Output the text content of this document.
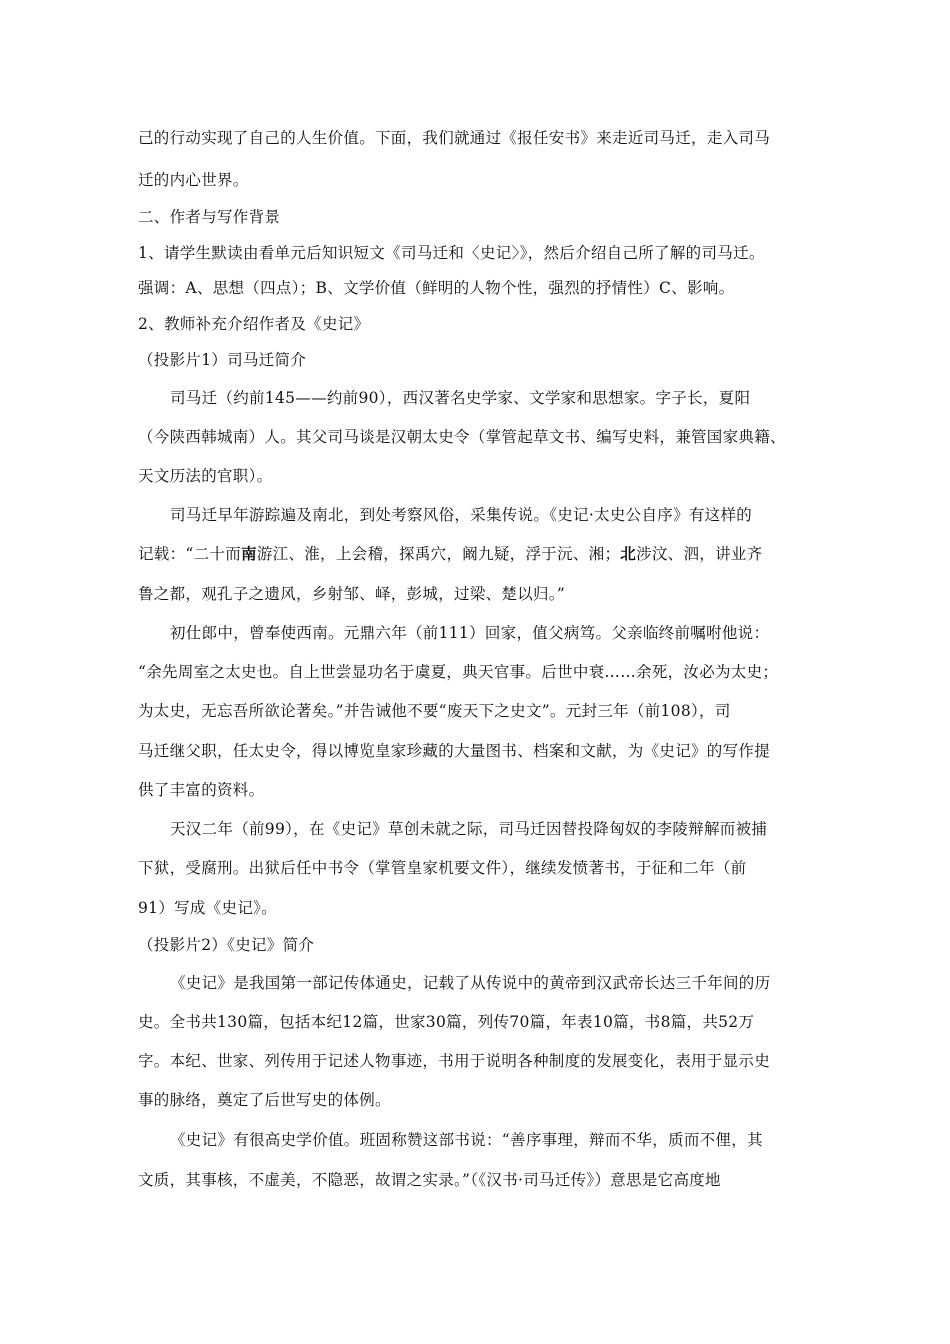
己的行动实现了自己的人生价值。下面，我们就通过《报任安书》来走近司马迁，走入司马
迁的内心世界。
二、作者与写作背景
1、请学生默读由看单元后知识短文《司马迁和〈史记〉》，然后介绍自己所了解的司马迁。
强调：A、思想（四点）；B、文学价值（鲜明的人物个性，强烈的抒情性）C、影响。
2、教师补充介绍作者及《史记》
（投影片1）司马迁简介
司马迁（约前145——约前90），西汉著名史学家、文学家和思想家。字子长，夏阳
（今陕西韩城南）人。其父司马谈是汉朝太史令（掌管起草文书、编写史料，兼管国家典籍、
天文历法的官职）。
司马迁早年游踪遍及南北，到处考察风俗，采集传说。《史记·太史公自序》有这样的
记载：“二十而南游江、淮，上会稽，探禹穴，阚九疑，浮于沅、湘；北涉汶、泗，讲业齐
鲁之都，观孔子之遗风，乡射邹、峄，彭城，过梁、楚以归。”
初仕郎中，曾奉使西南。元鼎六年（前111）回家，值父病笃。父亲临终前嘱咐他说：
“余先周室之太史也。自上世尝显功名于虞夏，典天官事。后世中衰……余死，汝必为太史；
为太史，无忘吾所欲论著矣。”并告诫他不要“废天下之史文”。元封三年（前108），司
马迁继父职，任太史令，得以博览皇家珍藏的大量图书、档案和文献，为《史记》的写作提
供了丰富的资料。
天汉二年（前99），在《史记》草创未就之际，司马迁因替投降匈奴的李陵辩解而被捕
下狱，受腐刑。出狱后任中书令（掌管皇家机要文件），继续发愤著书，于征和二年（前
91）写成《史记》。
（投影片2）《史记》简介
《史记》是我国第一部记传体通史，记载了从传说中的黄帝到汉武帝长达三千年间的历
史。全书共130篇，包括本纪12篇，世家30篇，列传70篇，年表10篇，书8篇，共52万
字。本纪、世家、列传用于记述人物事迹，书用于说明各种制度的发展变化，表用于显示史
事的脉络，奠定了后世写史的体例。
《史记》有很高史学价值。班固称赞这部书说：“善序事理，辩而不华，质而不俚，其
文质，其事核，不虚美，不隐恶，故谓之实录。”（《汉书·司马迁传》）意思是它高度地
